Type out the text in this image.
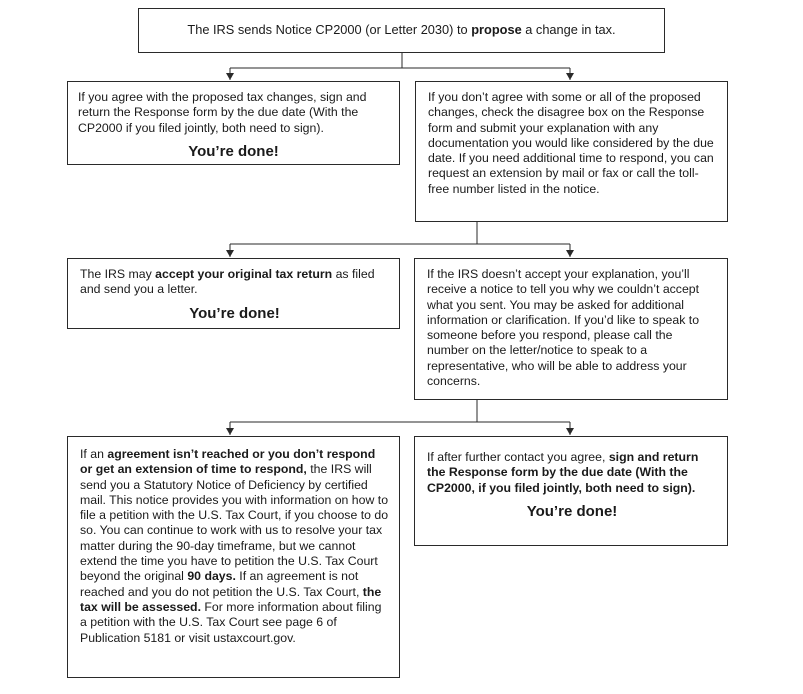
The IRS sends Notice CP2000 (or Letter 2030) to propose a change in tax.

If you agree with the proposed tax changes, sign and return the Response form by the due date (With the CP2000 if you filed jointly, both need to sign).

You’re done!

If you don’t agree with some or all of the proposed changes, check the disagree box on the Response form and submit your explanation with any documentation you would like considered by the due date. If you need additional time to respond, you can request an extension by mail or fax or call the toll-free number listed in the notice.

The IRS may accept your original tax return as filed and send you a letter.

You’re done!

If the IRS doesn’t accept your explanation, you’ll receive a notice to tell you why we couldn’t accept what you sent. You may be asked for additional information or clarification. If you’d like to speak to someone before you respond, please call the number on the letter/notice to speak to a representative, who will be able to address your concerns.

If an agreement isn’t reached or you don’t respond or get an extension of time to respond, the IRS will send you a Statutory Notice of Deficiency by certified mail. This notice provides you with information on how to file a petition with the U.S. Tax Court, if you choose to do so. You can continue to work with us to resolve your tax matter during the 90-day timeframe, but we cannot extend the time you have to petition the U.S. Tax Court beyond the original 90 days. If an agreement is not reached and you do not petition the U.S. Tax Court, the tax will be assessed. For more information about filing a petition with the U.S. Tax Court see page 6 of Publication 5181 or visit ustaxcourt.gov.

If after further contact you agree, sign and return the Response form by the due date (With the CP2000, if you filed jointly, both need to sign).

You’re done!
